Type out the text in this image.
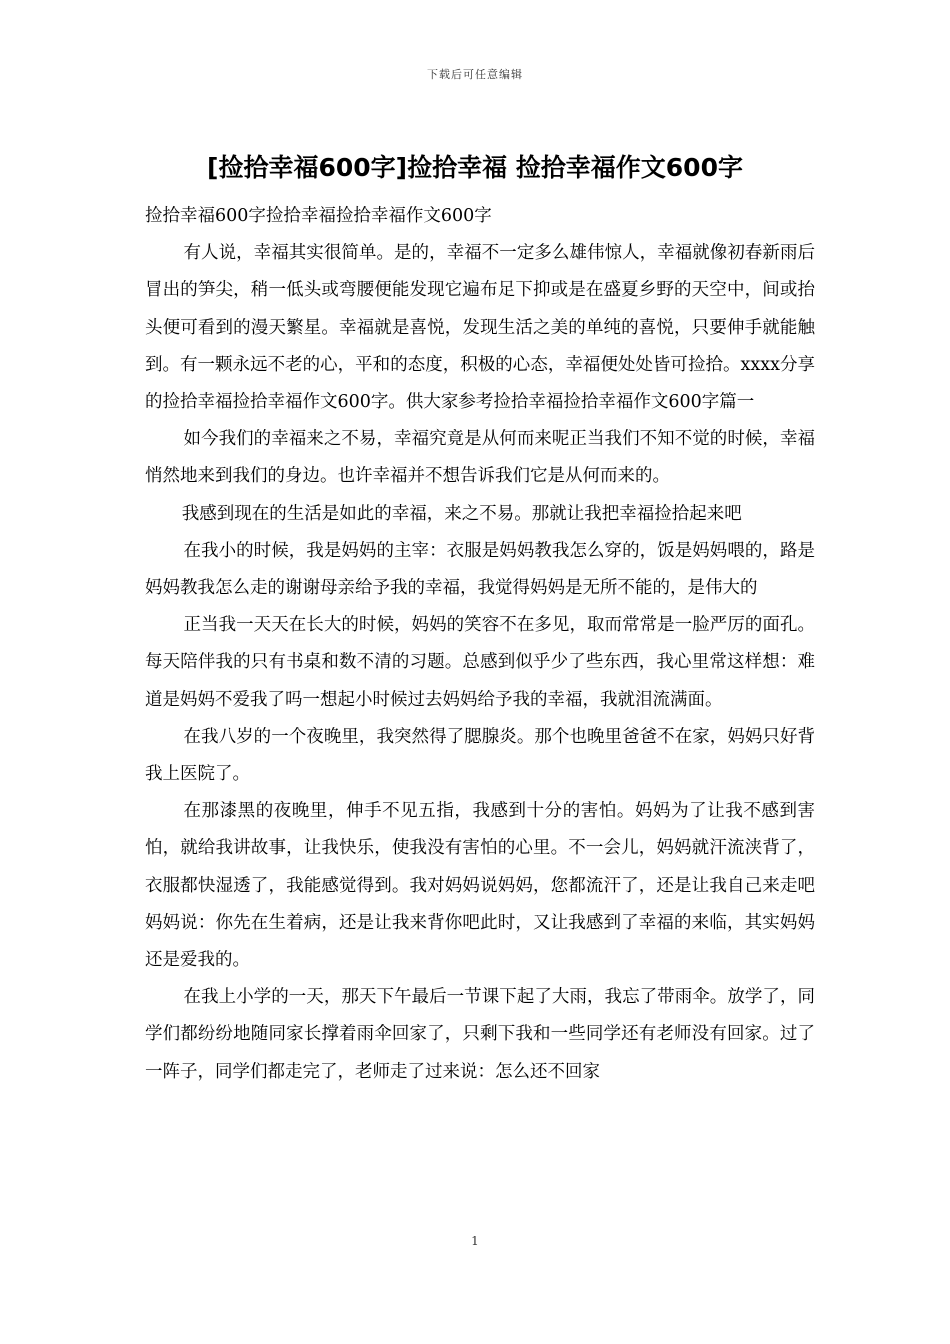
下载后可任意编辑
[捡拾幸福600字]捡拾幸福 捡拾幸福作文600字

捡拾幸福600字捡拾幸福捡拾幸福作文600字

有人说，幸福其实很简单。是的，幸福不一定多么雄伟惊人，幸福就像初春新雨后冒出的笋尖，稍一低头或弯腰便能发现它遍布足下抑或是在盛夏乡野的天空中，间或抬头便可看到的漫天繁星。幸福就是喜悦，发现生活之美的单纯的喜悦，只要伸手就能触到。有一颗永远不老的心，平和的态度，积极的心态，幸福便处处皆可捡拾。xxxx分享的捡拾幸福捡拾幸福作文600字。供大家参考捡拾幸福捡拾幸福作文600字篇一

如今我们的幸福来之不易，幸福究竟是从何而来呢正当我们不知不觉的时候，幸福悄然地来到我们的身边。也许幸福并不想告诉我们它是从何而来的。

我感到现在的生活是如此的幸福，来之不易。那就让我把幸福捡拾起来吧

在我小的时候，我是妈妈的主宰：衣服是妈妈教我怎么穿的，饭是妈妈喂的，路是妈妈教我怎么走的谢谢母亲给予我的幸福，我觉得妈妈是无所不能的，是伟大的

正当我一天天在长大的时候，妈妈的笑容不在多见，取而常常是一脸严厉的面孔。每天陪伴我的只有书桌和数不清的习题。总感到似乎少了些东西，我心里常这样想：难道是妈妈不爱我了吗一想起小时候过去妈妈给予我的幸福，我就泪流满面。

在我八岁的一个夜晚里，我突然得了腮腺炎。那个也晚里爸爸不在家，妈妈只好背我上医院了。

在那漆黑的夜晚里，伸手不见五指，我感到十分的害怕。妈妈为了让我不感到害怕，就给我讲故事，让我快乐，使我没有害怕的心里。不一会儿，妈妈就汗流浃背了，衣服都快湿透了，我能感觉得到。我对妈妈说妈妈，您都流汗了，还是让我自己来走吧妈妈说：你先在生着病，还是让我来背你吧此时，又让我感到了幸福的来临，其实妈妈还是爱我的。

在我上小学的一天，那天下午最后一节课下起了大雨，我忘了带雨伞。放学了，同学们都纷纷地随同家长撑着雨伞回家了，只剩下我和一些同学还有老师没有回家。过了一阵子，同学们都走完了，老师走了过来说：怎么还不回家

1
